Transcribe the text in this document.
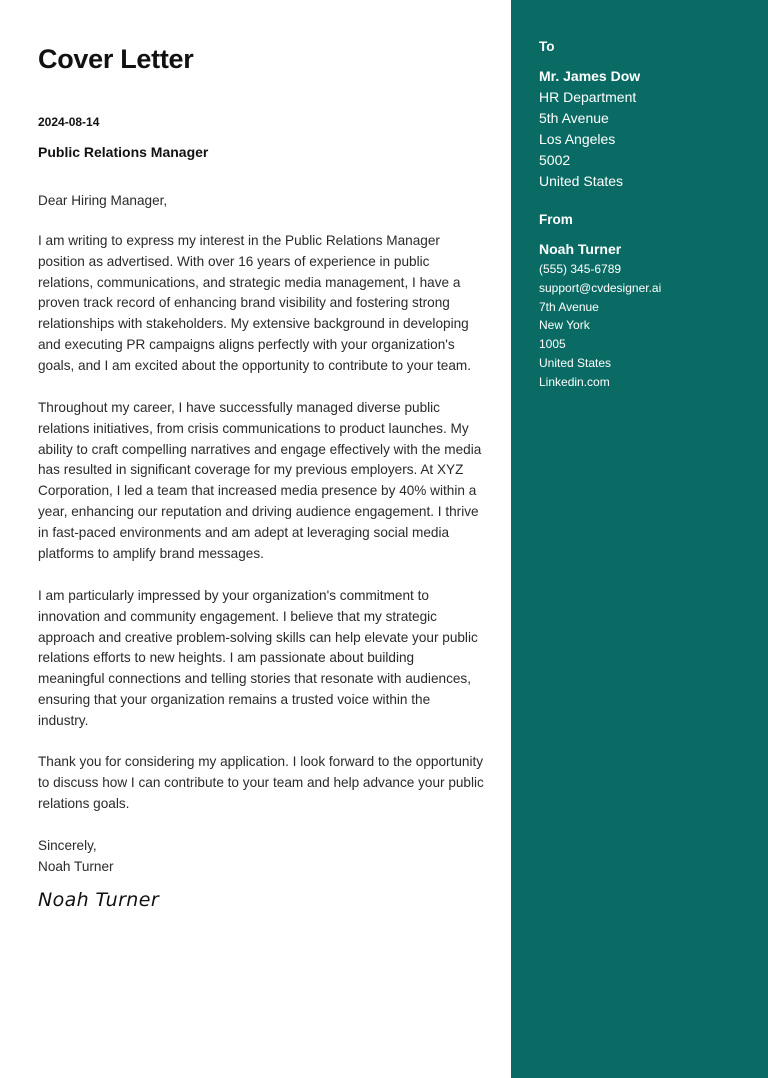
Cover Letter
2024-08-14
Public Relations Manager

Dear Hiring Manager,

I am writing to express my interest in the Public Relations Manager position as advertised. With over 16 years of experience in public relations, communications, and strategic media management, I have a proven track record of enhancing brand visibility and fostering strong relationships with stakeholders. My extensive background in developing and executing PR campaigns aligns perfectly with your organization's goals, and I am excited about the opportunity to contribute to your team.

Throughout my career, I have successfully managed diverse public relations initiatives, from crisis communications to product launches. My ability to craft compelling narratives and engage effectively with the media has resulted in significant coverage for my previous employers. At XYZ Corporation, I led a team that increased media presence by 40% within a year, enhancing our reputation and driving audience engagement. I thrive in fast-paced environments and am adept at leveraging social media platforms to amplify brand messages.

I am particularly impressed by your organization's commitment to innovation and community engagement. I believe that my strategic approach and creative problem-solving skills can help elevate your public relations efforts to new heights. I am passionate about building meaningful connections and telling stories that resonate with audiences, ensuring that your organization remains a trusted voice within the industry.

Thank you for considering my application. I look forward to the opportunity to discuss how I can contribute to your team and help advance your public relations goals.

Sincerely,

Noah Turner

Noah Turner
To
Mr. James Dow
HR Department
5th Avenue
Los Angeles
5002
United States
From
Noah Turner
(555) 345-6789
support@cvdesigner.ai
7th Avenue
New York
1005
United States
Linkedin.com
